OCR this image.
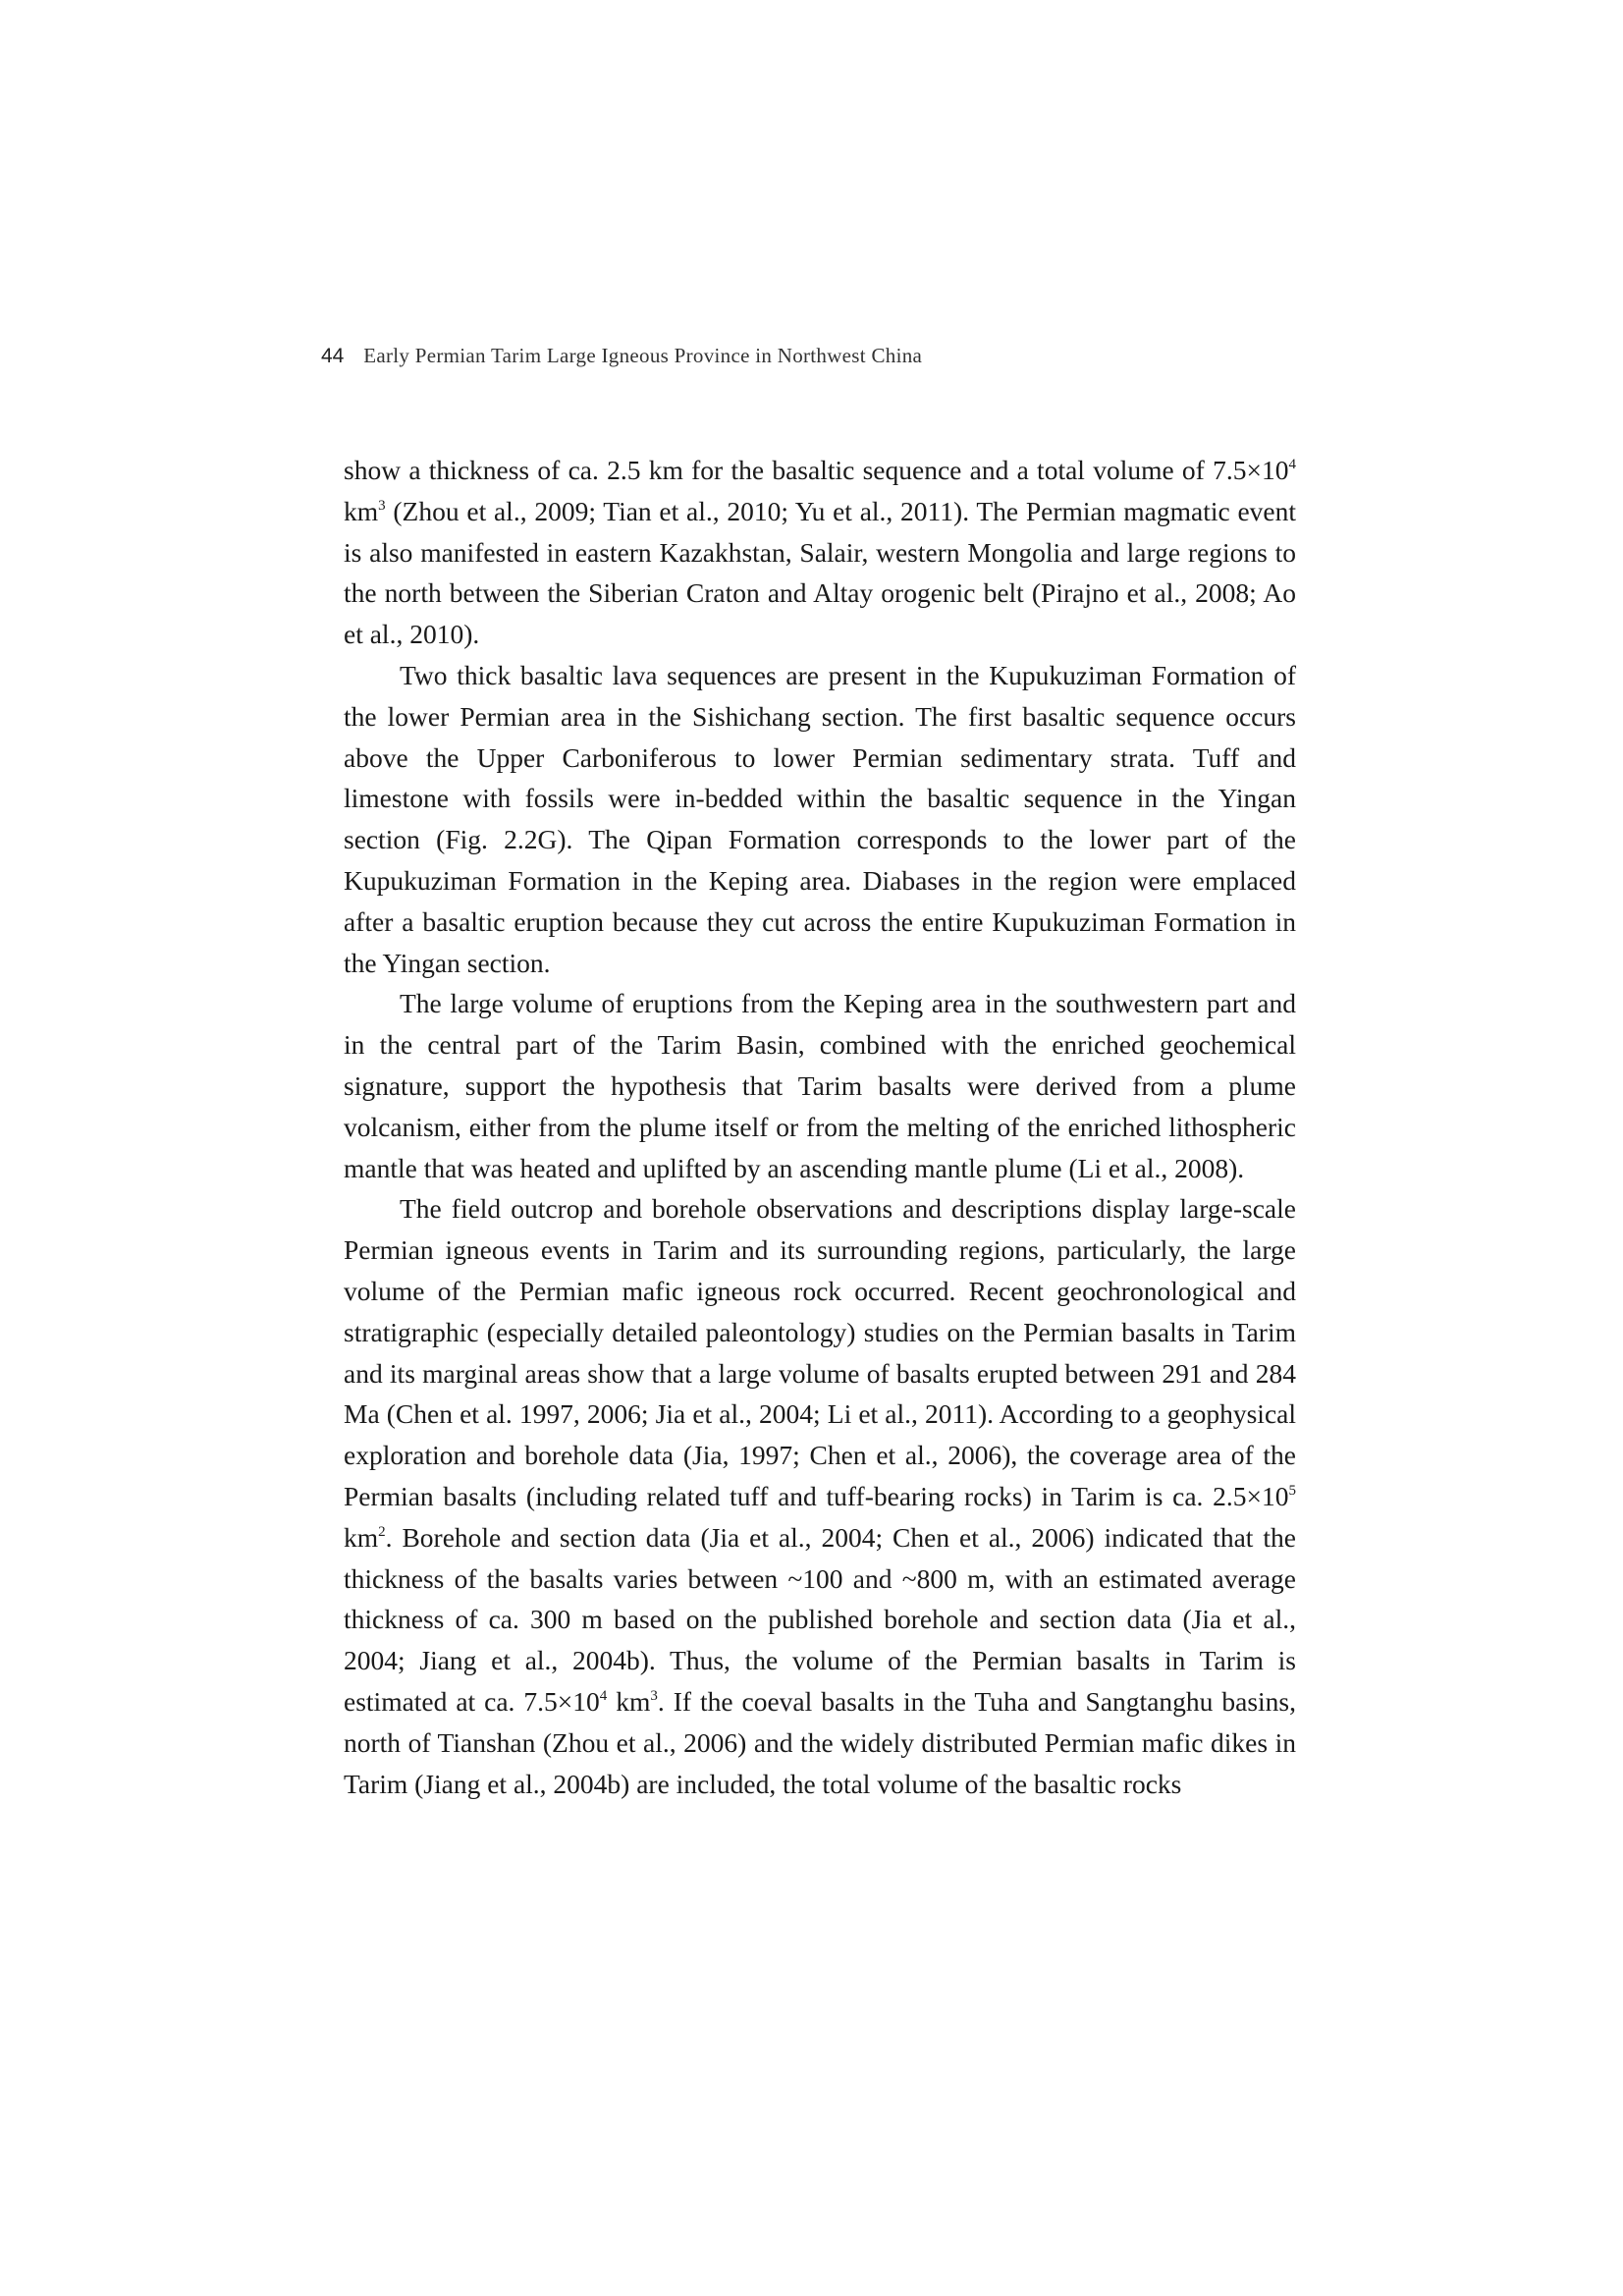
44 Early Permian Tarim Large Igneous Province in Northwest China

show a thickness of ca. 2.5 km for the basaltic sequence and a total volume of $7.5\times 10^4$ $km^3$ (Zhou et al., 2009; Tian et al., 2010; Yu et al., 2011). The Permian magmatic event is also manifested in eastern Kazakhstan, Salair, western Mongolia and large regions to the north between the Siberian Craton and Altay orogenic belt (Pirajno et al., 2008; Ao et al., 2010).

Two thick basaltic lava sequences are present in the Kupukuziman Formation of the lower Permian area in the Sishichang section. The first basaltic sequence occurs above the Upper Carboniferous to lower Permian sedimentary strata. Tuff and limestone with fossils were in-bedded within the basaltic sequence in the Yingan section (Fig. 2.2G). The Qipan Formation corresponds to the lower part of the Kupukuziman Formation in the Keping area. Diabases in the region were emplaced after a basaltic eruption because they cut across the entire Kupukuziman Formation in the Yingan section.

The large volume of eruptions from the Keping area in the southwestern part and in the central part of the Tarim Basin, combined with the enriched geochemical signature, support the hypothesis that Tarim basalts were derived from a plume volcanism, either from the plume itself or from the melting of the enriched lithospheric mantle that was heated and uplifted by an ascending mantle plume (Li et al., 2008).

The field outcrop and borehole observations and descriptions display large-scale Permian igneous events in Tarim and its surrounding regions, particularly, the large volume of the Permian mafic igneous rock occurred. Recent geochronological and stratigraphic (especially detailed paleontology) studies on the Permian basalts in Tarim and its marginal areas show that a large volume of basalts erupted between 291 and 284 Ma (Chen et al. 1997, 2006; Jia et al., 2004; Li et al., 2011). According to a geophysical exploration and borehole data (Jia, 1997; Chen et al., 2006), the coverage area of the Permian basalts (including related tuff and tuff-bearing rocks) in Tarim is ca. $2.5\times 10^5$ $km^2$. Borehole and section data (Jia et al., 2004; Chen et al., 2006) indicated that the thickness of the basalts varies between ~100 and ~800 m, with an estimated average thickness of ca. 300 m based on the published borehole and section data (Jia et al., 2004; Jiang et al., 2004b). Thus, the volume of the Permian basalts in Tarim is estimated at ca. $7.5\times 10^4$ $km^3$. If the coeval basalts in the Tuha and Sangtanghu basins, north of Tianshan (Zhou et al., 2006) and the widely distributed Permian mafic dikes in Tarim (Jiang et al., 2004b) are included, the total volume of the basaltic rocks
